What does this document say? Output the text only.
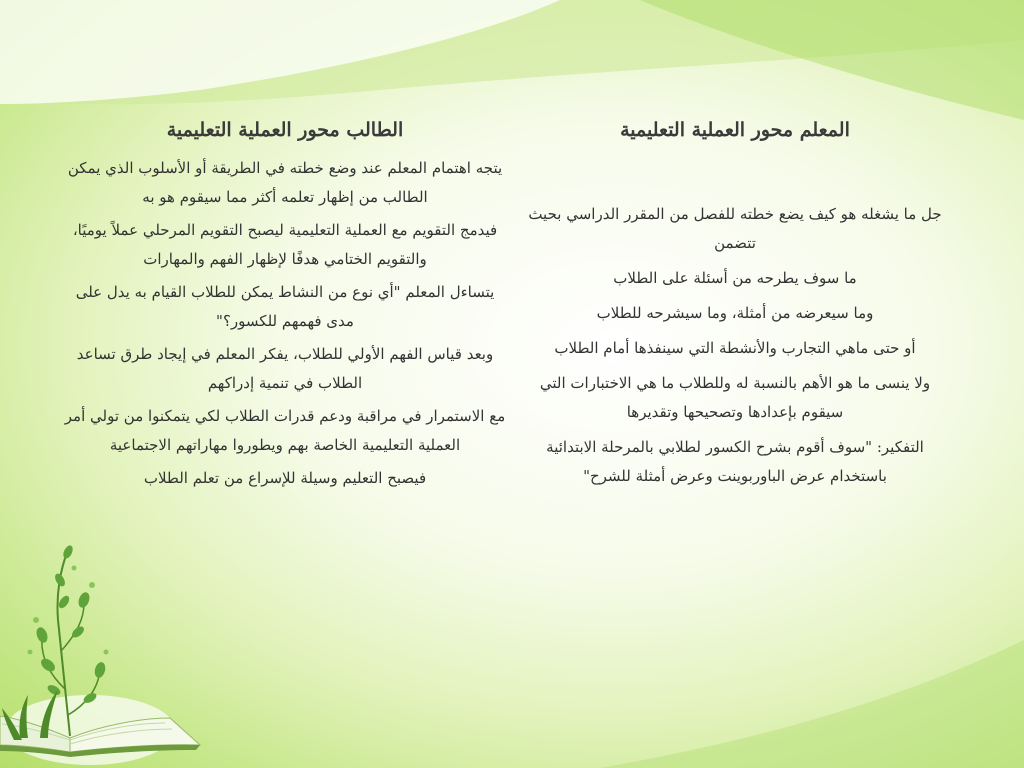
الطالب محور العملية التعليمية

يتجه اهتمام المعلم عند وضع خطته في الطريقة أو الأسلوب الذي يمكن الطالب من إظهار تعلمه أكثر مما سيقوم هو به

فيدمج التقويم مع العملية التعليمية ليصبح التقويم المرحلي عملاً يوميًا، والتقويم الختامي هدفًا لإظهار الفهم والمهارات

يتساءل المعلم "أي نوع من النشاط يمكن للطلاب القيام به يدل على مدى فهمهم للكسور؟"

وبعد قياس الفهم الأولي للطلاب، يفكر المعلم في إيجاد طرق تساعد الطلاب في تنمية إدراكهم

مع الاستمرار في مراقبة ودعم قدرات الطلاب لكي يتمكنوا من تولي أمر العملية التعليمية الخاصة بهم ويطوروا مهاراتهم الاجتماعية

فيصبح التعليم وسيلة للإسراع من تعلم الطلاب

المعلم محور العملية التعليمية

جل ما يشغله هو كيف يضع خطته للفصل من المقرر الدراسي بحيث تتضمن

ما سوف يطرحه من أسئلة على الطلاب

وما سيعرضه من أمثلة، وما سيشرحه للطلاب

أو حتى ماهي التجارب والأنشطة التي سينفذها أمام الطلاب

ولا ينسى ما هو الأهم بالنسبة له وللطلاب ما هي الاختبارات التي سيقوم بإعدادها وتصحيحها وتقديرها

التفكير: "سوف أقوم بشرح الكسور لطلابي بالمرحلة الابتدائية باستخدام عرض الباوربوينت وعرض أمثلة للشرح"
